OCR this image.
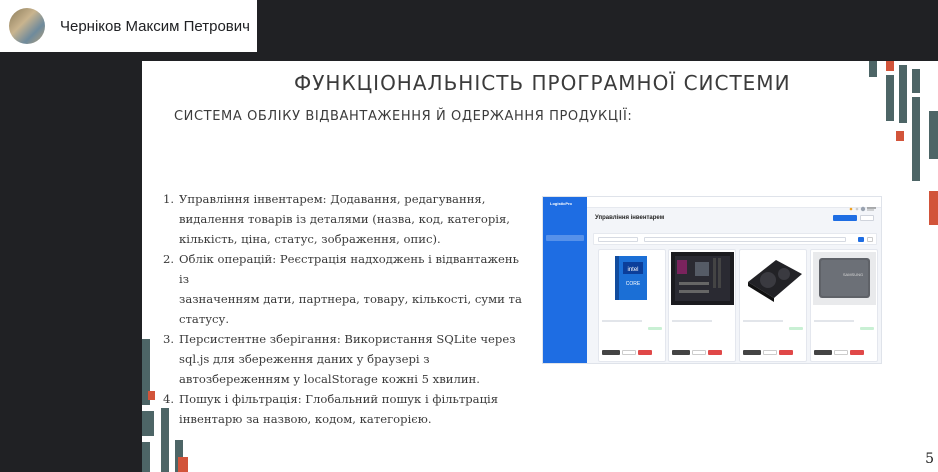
Черніков Максим Петрович
ФУНКЦІОНАЛЬНІСТЬ ПРОГРАМНОЇ СИСТЕМИ
СИСТЕМА ОБЛІКУ ВІДВАНТАЖЕННЯ Й ОДЕРЖАННЯ ПРОДУКЦІЇ:
1. Управління інвентарем: Додавання, редагування,
видалення товарів із деталями (назва, код, категорія,
кількість, ціна, статус, зображення, опис).
2. Облік операцій: Реєстрація надходжень і відвантажень із
зазначенням дати, партнера, товару, кількості, суми та
статусу.
3. Персистентне зберігання: Використання SQLite через
sql.js для збереження даних у браузері з
автозбереженням у localStorage кожні 5 хвилин.
4. Пошук і фільтрація: Глобальний пошук і фільтрація
інвентарю за назвою, кодом, категорією.
LogisticPro
Управління інвентарем
intel
CORE
SAMSUNG
5
